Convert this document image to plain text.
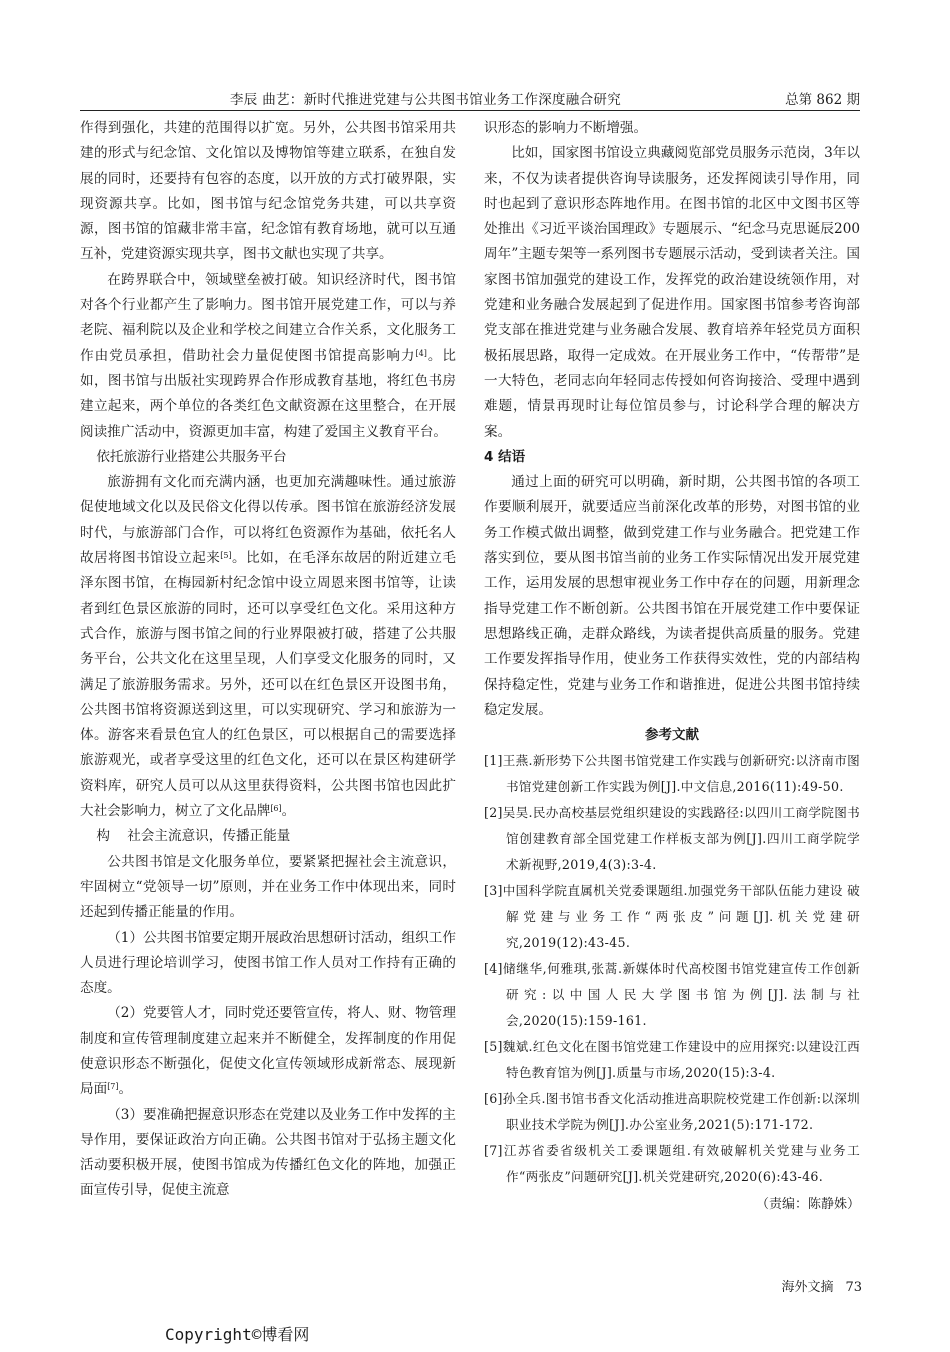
李辰 曲艺：新时代推进党建与公共图书馆业务工作深度融合研究	总第 862 期

作得到强化，共建的范围得以扩宽。另外，公共图书馆采用共建的形式与纪念馆、文化馆以及博物馆等建立联系，在独自发展的同时，还要持有包容的态度，以开放的方式打破界限，实现资源共享。比如，图书馆与纪念馆党务共建，可以共享资源，图书馆的馆藏非常丰富，纪念馆有教育场地，就可以互通互补，党建资源实现共享，图书文献也实现了共享。

在跨界联合中，领域壁垒被打破。知识经济时代，图书馆对各个行业都产生了影响力。图书馆开展党建工作，可以与养老院、福利院以及企业和学校之间建立合作关系，文化服务工作由党员承担，借助社会力量促使图书馆提高影响力[4]。比如，图书馆与出版社实现跨界合作形成教育基地，将红色书房建立起来，两个单位的各类红色文献资源在这里整合，在开展阅读推广活动中，资源更加丰富，构建了爱国主义教育平台。

依托旅游行业搭建公共服务平台

旅游拥有文化而充满内涵，也更加充满趣味性。通过旅游促使地域文化以及民俗文化得以传承。图书馆在旅游经济发展时代，与旅游部门合作，可以将红色资源作为基础，依托名人故居将图书馆设立起来[5]。比如，在毛泽东故居的附近建立毛泽东图书馆，在梅园新村纪念馆中设立周恩来图书馆等，让读者到红色景区旅游的同时，还可以享受红色文化。采用这种方式合作，旅游与图书馆之间的行业界限被打破，搭建了公共服务平台，公共文化在这里呈现，人们享受文化服务的同时，又满足了旅游服务需求。另外，还可以在红色景区开设图书角，公共图书馆将资源送到这里，可以实现研究、学习和旅游为一体。游客来看景色宜人的红色景区，可以根据自己的需要选择旅游观光，或者享受这里的红色文化，还可以在景区构建研学资料库，研究人员可以从这里获得资料，公共图书馆也因此扩大社会影响力，树立了文化品牌[6]。

构    社会主流意识，传播正能量

公共图书馆是文化服务单位，要紧紧把握社会主流意识，牢固树立“党领导一切”原则，并在业务工作中体现出来，同时还起到传播正能量的作用。

（1）公共图书馆要定期开展政治思想研讨活动，组织工作人员进行理论培训学习，使图书馆工作人员对工作持有正确的态度。

（2）党要管人才，同时党还要管宣传，将人、财、物管理制度和宣传管理制度建立起来并不断健全，发挥制度的作用促使意识形态不断强化，促使文化宣传领域形成新常态、展现新局面[7]。

（3）要准确把握意识形态在党建以及业务工作中发挥的主导作用，要保证政治方向正确。公共图书馆对于弘扬主题文化活动要积极开展，使图书馆成为传播红色文化的阵地，加强正面宣传引导，促使主流意

识形态的影响力不断增强。

比如，国家图书馆设立典藏阅览部党员服务示范岗，3年以来，不仅为读者提供咨询导读服务，还发挥阅读引导作用，同时也起到了意识形态阵地作用。在图书馆的北区中文图书区等处推出《习近平谈治国理政》专题展示、“纪念马克思诞辰200周年”主题专架等一系列图书专题展示活动，受到读者关注。国家图书馆加强党的建设工作，发挥党的政治建设统领作用，对党建和业务融合发展起到了促进作用。国家图书馆参考咨询部党支部在推进党建与业务融合发展、教育培养年轻党员方面积极拓展思路，取得一定成效。在开展业务工作中，“传帮带”是一大特色，老同志向年轻同志传授如何咨询接洽、受理中遇到难题，情景再现时让每位馆员参与，讨论科学合理的解决方案。

4 结语

通过上面的研究可以明确，新时期，公共图书馆的各项工作要顺利展开，就要适应当前深化改革的形势，对图书馆的业务工作模式做出调整，做到党建工作与业务融合。把党建工作落实到位，要从图书馆当前的业务工作实际情况出发开展党建工作，运用发展的思想审视业务工作中存在的问题，用新理念指导党建工作不断创新。公共图书馆在开展党建工作中要保证思想路线正确，走群众路线，为读者提供高质量的服务。党建工作要发挥指导作用，使业务工作获得实效性，党的内部结构保持稳定性，党建与业务工作和谐推进，促进公共图书馆持续稳定发展。

参考文献

[1]王燕.新形势下公共图书馆党建工作实践与创新研究:以济南市图书馆党建创新工作实践为例[J].中文信息,2016(11):49-50.

[2]吴昊.民办高校基层党组织建设的实践路径:以四川工商学院图书馆创建教育部全国党建工作样板支部为例[J].四川工商学院学术新视野,2019,4(3):3-4.

[3]中国科学院直属机关党委课题组.加强党务干部队伍能力建设 破解党建与业务工作“两张皮”问题[J].机关党建研究,2019(12):43-45.

[4]储继华,何雅琪,张蒿.新媒体时代高校图书馆党建宣传工作创新研究:以中国人民大学图书馆为例[J].法制与社会,2020(15):159-161.

[5]魏斌.红色文化在图书馆党建工作建设中的应用探究:以建设江西特色教育馆为例[J].质量与市场,2020(15):3-4.

[6]孙全兵.图书馆书香文化活动推进高职院校党建工作创新:以深圳职业技术学院为例[J].办公室业务,2021(5):171-172.

[7]江苏省委省级机关工委课题组.有效破解机关党建与业务工作“两张皮”问题研究[J].机关党建研究,2020(6):43-46.

（责编：陈静姝）

海外文摘 73
Copyright©博看网
